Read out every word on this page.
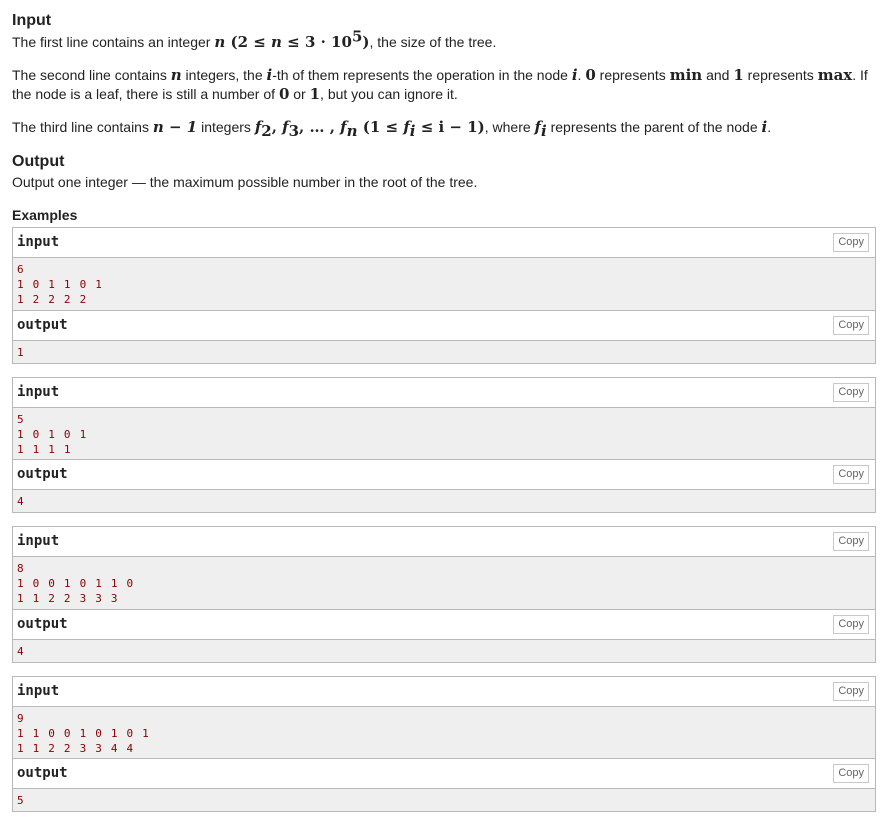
Input

The first line contains an integer n $(2 \le n \le 3 \cdot 10^5)$, the size of the tree.

The second line contains n integers, the i-th of them represents the operation in the node i. 0 represents min and 1 represents max. If the node is a leaf, there is still a number of 0 or 1, but you can ignore it.

The third line contains n − 1 integers $f_2$, $f_3$, … , $f_n$ $(1 \le f_i \le i - 1)$, where $f_i$ represents the parent of the node i.

Output

Output one integer — the maximum possible number in the root of the tree.

Examples
input	Copy
6
1 0 1 1 0 1
1 2 2 2 2
output	Copy
1
input	Copy
5
1 0 1 0 1
1 1 1 1
output	Copy
4
input	Copy
8
1 0 0 1 0 1 1 0
1 1 2 2 3 3 3
output	Copy
4
input	Copy
9
1 1 0 0 1 0 1 0 1
1 1 2 2 3 3 4 4
output	Copy
5
